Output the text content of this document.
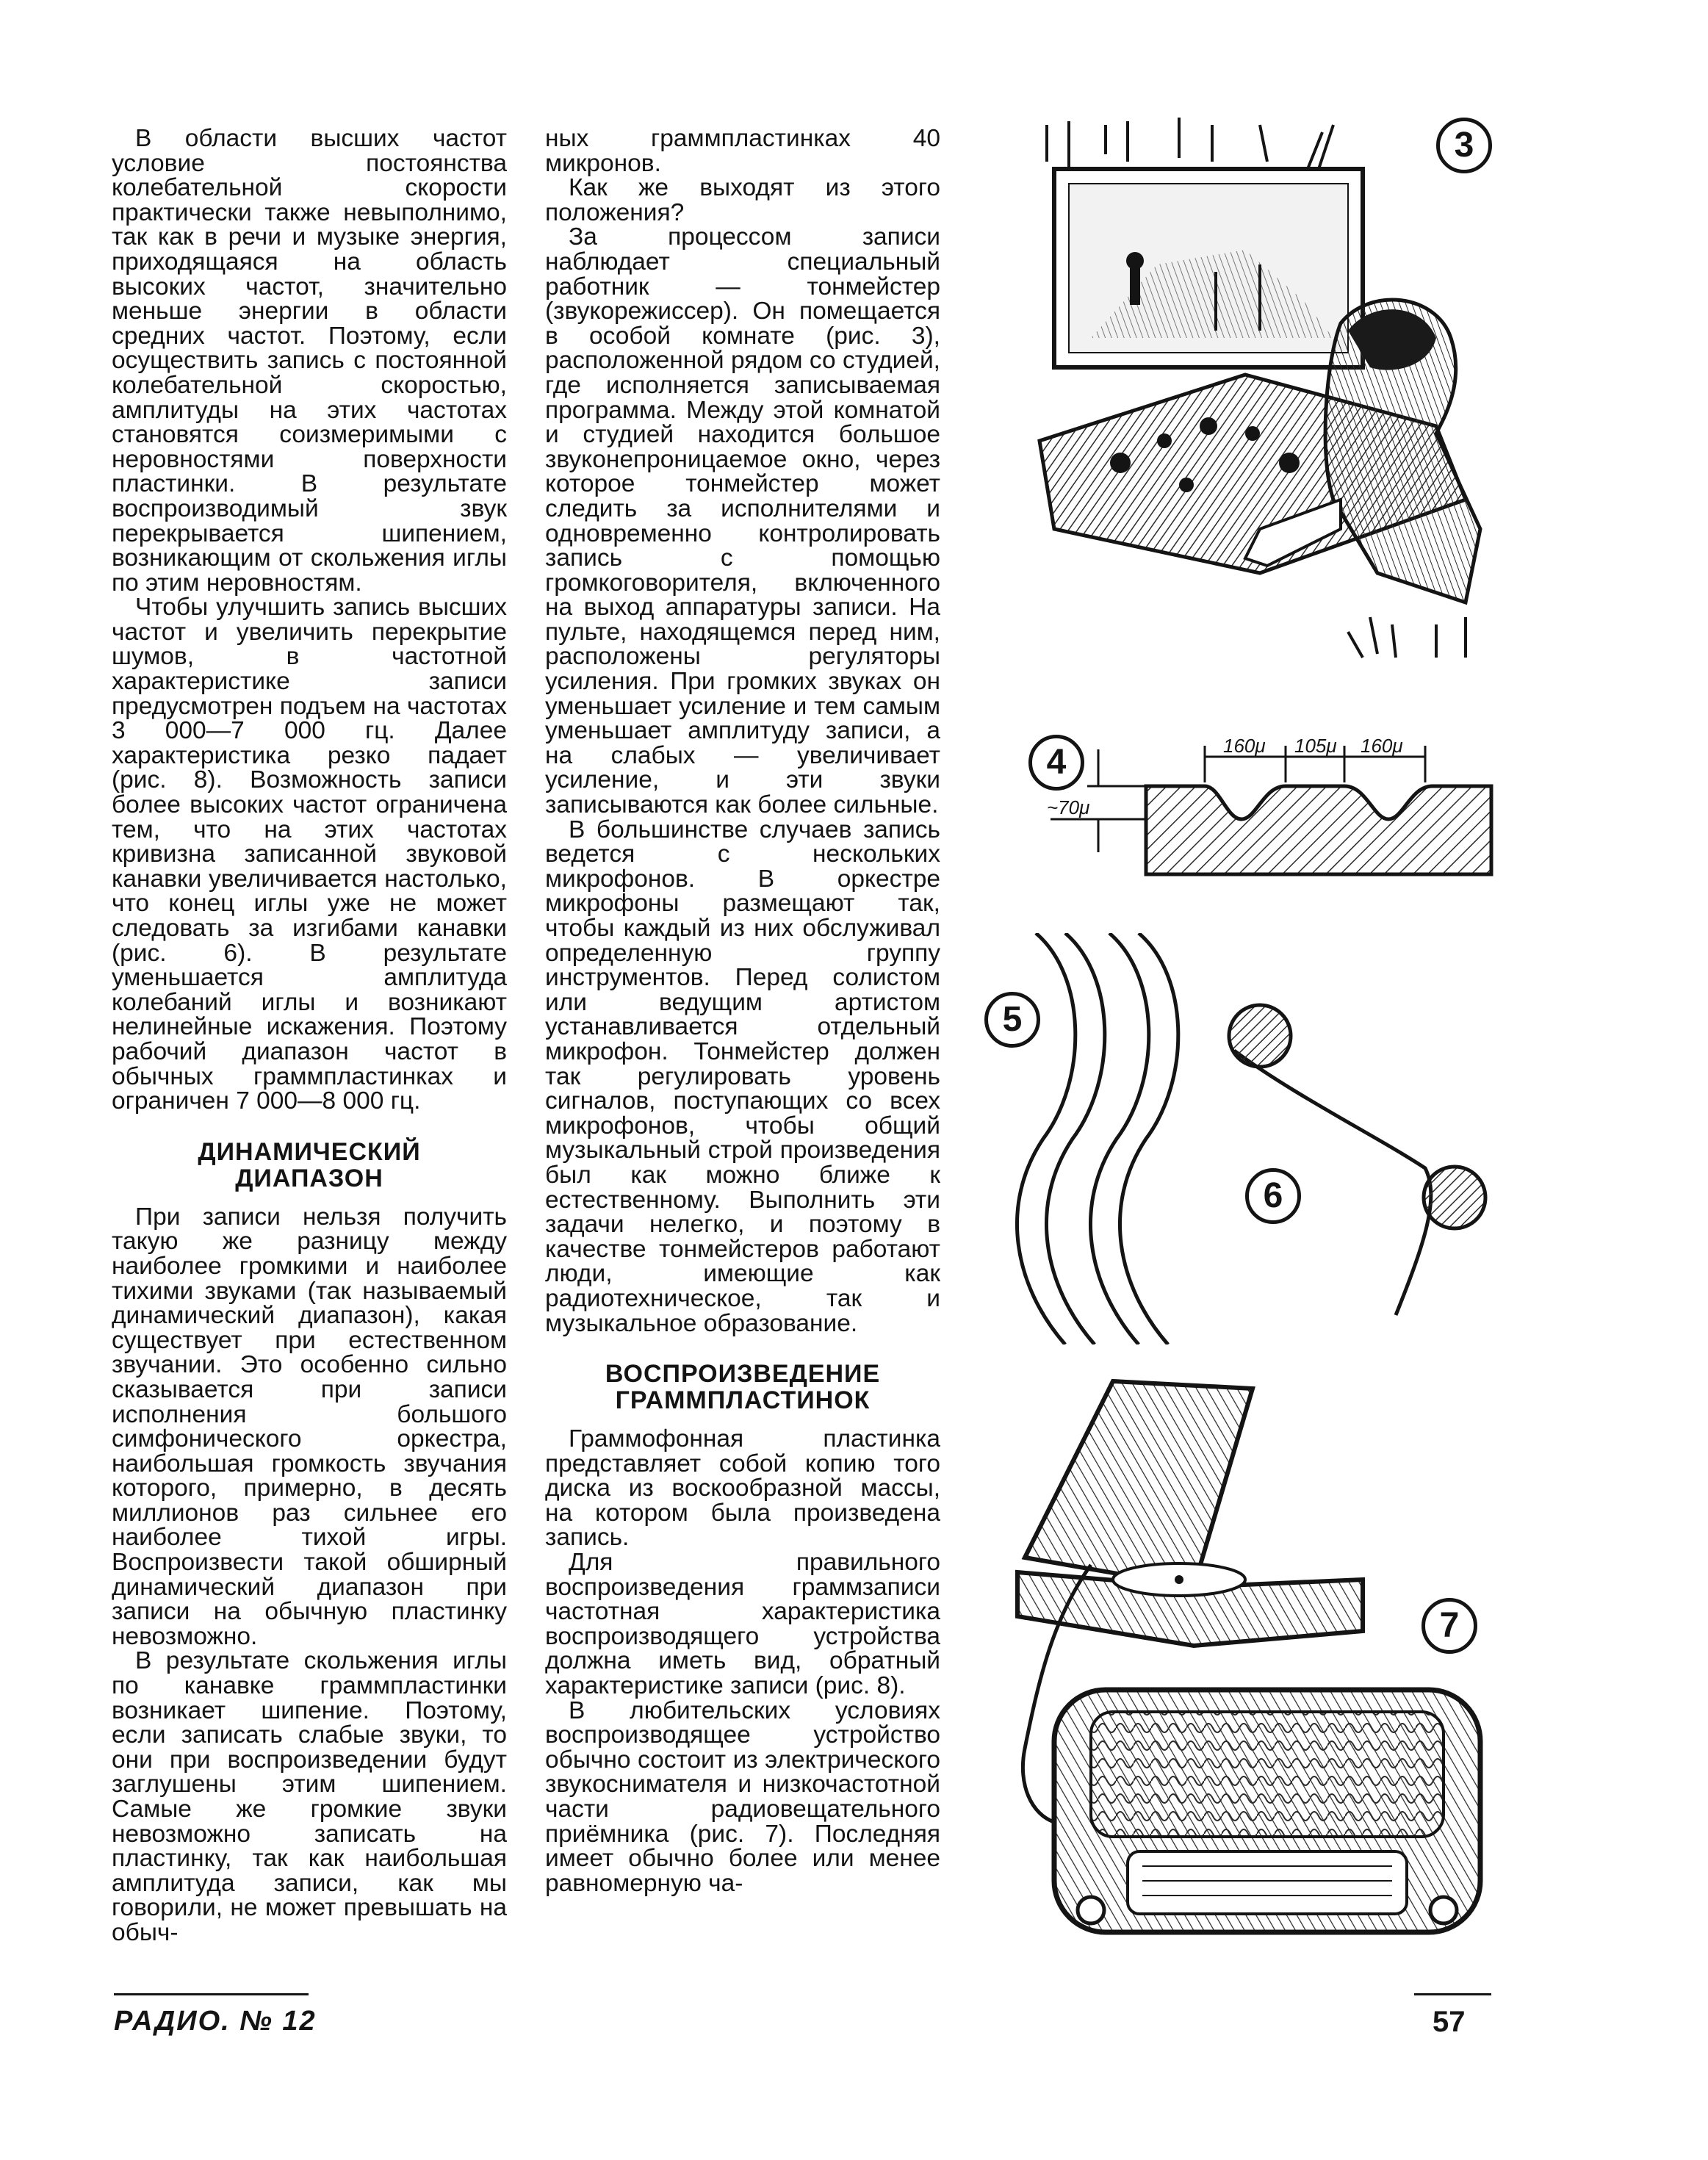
В области высших частот условие постоянства колебательной скорости практически также невыполнимо, так как в речи и музыке энергия, приходящаяся на область высоких частот, значительно меньше энергии в области средних частот. Поэтому, если осуществить запись с постоянной колебательной скоростью, амплитуды на этих частотах становятся соизмеримыми с неровностями поверхности пластинки. В результате воспроизводимый звук перекрывается шипением, возникающим от скольжения иглы по этим неровностям.

Чтобы улучшить запись высших частот и увеличить перекрытие шумов, в частотной характеристике записи предусмотрен подъем на частотах 3 000—7 000 гц. Далее характеристика резко падает (рис. 8). Возможность записи более высоких частот ограничена тем, что на этих частотах кривизна записанной звуковой канавки увеличивается настолько, что конец иглы уже не может следовать за изгибами канавки (рис. 6). В результате уменьшается амплитуда колебаний иглы и возникают нелинейные искажения. Поэтому рабочий диапазон частот в обычных граммпластинках и ограничен 7 000—8 000 гц.

ДИНАМИЧЕСКИЙ
ДИАПАЗОН

При записи нельзя получить такую же разницу между наиболее громкими и наиболее тихими звуками (так называемый динамический диапазон), какая существует при естественном звучании. Это особенно сильно сказывается при записи исполнения большого симфонического оркестра, наибольшая громкость звучания которого, примерно, в десять миллионов раз сильнее его наиболее тихой игры. Воспроизвести такой обширный динамический диапазон при записи на обычную пластинку невозможно.

В результате скольжения иглы по канавке граммпластинки возникает шипение. Поэтому, если записать слабые звуки, то они при воспроизведении будут заглушены этим шипением. Самые же громкие звуки невозможно записать на пластинку, так как наибольшая амплитуда записи, как мы говорили, не может превышать на обыч-

ных граммпластинках 40 микронов.

Как же выходят из этого положения?

За процессом записи наблюдает специальный работник — тонмейстер (звукорежиссер). Он помещается в особой комнате (рис. 3), расположенной рядом со студией, где исполняется записываемая программа. Между этой комнатой и студией находится большое звуконепроницаемое окно, через которое тонмейстер может следить за исполнителями и одновременно контролировать запись с помощью громкоговорителя, включенного на выход аппаратуры записи. На пульте, находящемся перед ним, расположены регуляторы усиления. При громких звуках он уменьшает усиление и тем самым уменьшает амплитуду записи, а на слабых — увеличивает усиление, и эти звуки записываются как более сильные.

В большинстве случаев запись ведется с нескольких микрофонов. В оркестре микрофоны размещают так, чтобы каждый из них обслуживал определенную группу инструментов. Перед солистом или ведущим артистом устанавливается отдельный микрофон. Тонмейстер должен так регулировать уровень сигналов, поступающих со всех микрофонов, чтобы общий музыкальный строй произведения был как можно ближе к естественному. Выполнить эти задачи нелегко, и поэтому в качестве тонмейстеров работают люди, имеющие как радиотехническое, так и музыкальное образование.

ВОСПРОИЗВЕДЕНИЕ
ГРАММПЛАСТИНОК

Граммофонная пластинка представляет собой копию того диска из воскообразной массы, на котором была произведена запись.

Для правильного воспроизведения граммзаписи частотная характеристика воспроизводящего устройства должна иметь вид, обратный характеристике записи (рис. 8).

В любительских условиях воспроизводящее устройство обычно состоит из электрического звукоснимателя и низкочастотной части радиовещательного приёмника (рис. 7). Последняя имеет обычно более или менее равномерную ча-

3
160μ 105μ 160μ
~70μ
4
5
6
7
РАДИО. № 12	57
